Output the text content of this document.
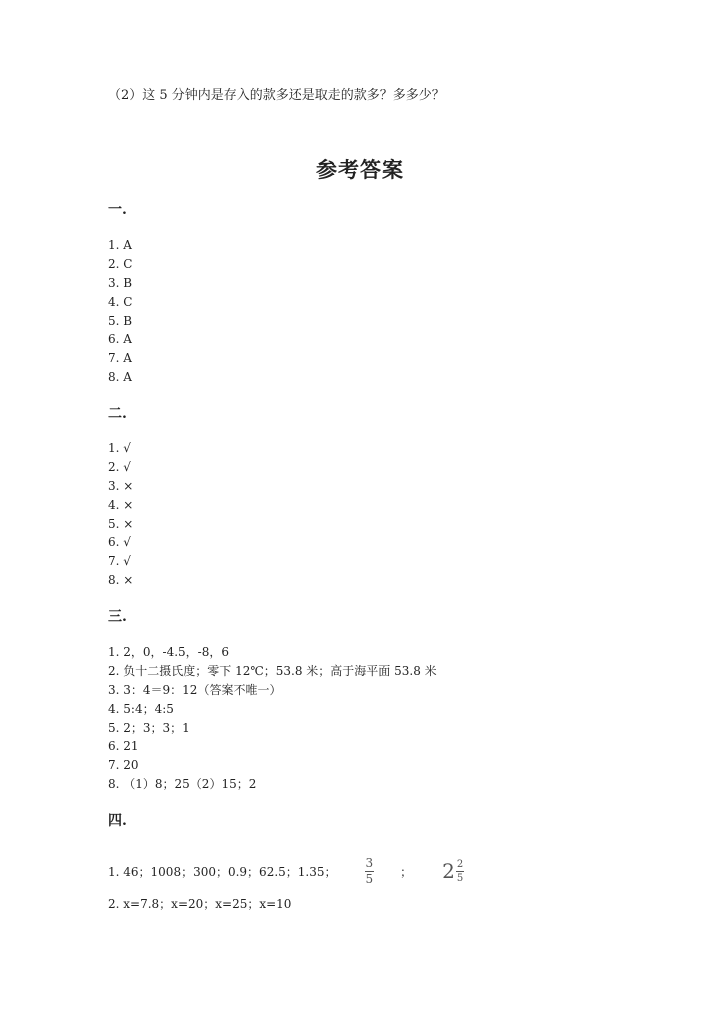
（2）这 5 分钟内是存入的款多还是取走的款多？多多少？
参考答案
一.
1. A
2. C
3. B
4. C
5. B
6. A
7. A
8. A
二.
1. √
2. √
3. ×
4. ×
5. ×
6. √
7. √
8. ×
三.
1. 2，0，-4.5，-8，6
2. 负十二摄氏度；零下 12℃；53.8 米；高于海平面 53.8 米
3. 3：4＝9：12（答案不唯一）
4. 5:4；4:5
5. 2；3；3；1
6. 21
7. 20
8. （1）8；25（2）15；2
四.
1. 46；1008；300；0.9；62.5；1.35； $\frac{3}{5}$ ； $2 \frac{2}{5}$
2. x=7.8；x=20；x=25；x=10
